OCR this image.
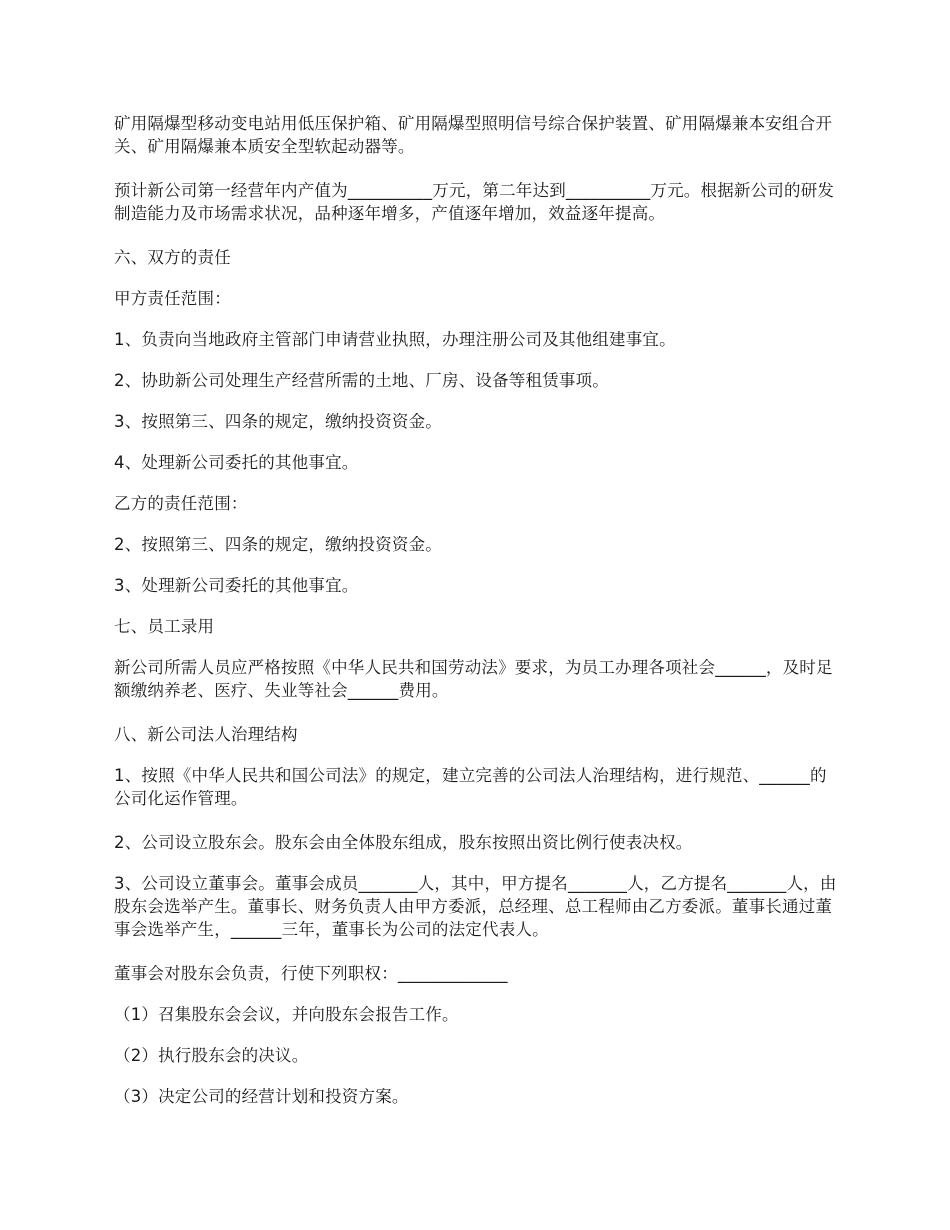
矿用隔爆型移动变电站用低压保护箱、矿用隔爆型照明信号综合保护装置、矿用隔爆兼本安组合开关、矿用隔爆兼本质安全型软起动器等。

预计新公司第一经营年内产值为__________万元，第二年达到__________万元。根据新公司的研发制造能力及市场需求状况，品种逐年增多，产值逐年增加，效益逐年提高。

六、双方的责任

甲方责任范围：

1、负责向当地政府主管部门申请营业执照，办理注册公司及其他组建事宜。

2、协助新公司处理生产经营所需的土地、厂房、设备等租赁事项。

3、按照第三、四条的规定，缴纳投资资金。

4、处理新公司委托的其他事宜。

乙方的责任范围：

2、按照第三、四条的规定，缴纳投资资金。

3、处理新公司委托的其他事宜。

七、员工录用

新公司所需人员应严格按照《中华人民共和国劳动法》要求，为员工办理各项社会______，及时足额缴纳养老、医疗、失业等社会______费用。

八、新公司法人治理结构

1、按照《中华人民共和国公司法》的规定，建立完善的公司法人治理结构，进行规范、______的公司化运作管理。

2、公司设立股东会。股东会由全体股东组成，股东按照出资比例行使表决权。

3、公司设立董事会。董事会成员_______人，其中，甲方提名_______人，乙方提名_______人，由股东会选举产生。董事长、财务负责人由甲方委派，总经理、总工程师由乙方委派。董事长通过董事会选举产生，______三年，董事长为公司的法定代表人。

董事会对股东会负责，行使下列职权：_____________

（1）召集股东会会议，并向股东会报告工作。

（2）执行股东会的决议。

（3）决定公司的经营计划和投资方案。
